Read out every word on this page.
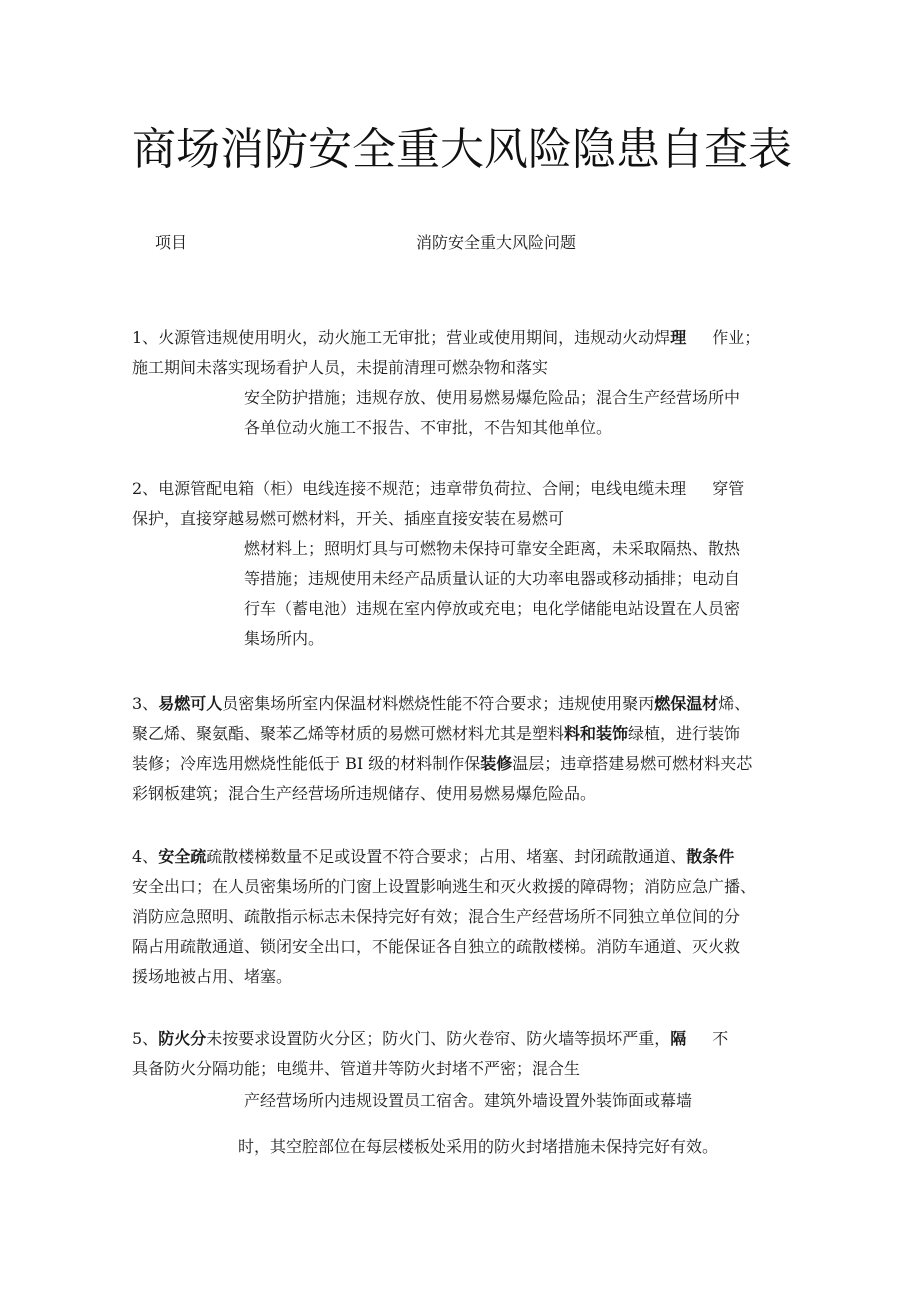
商场消防安全重大风险隐患自查表
项目	消防安全重大风险问题
1、火源管违规使用明火，动火施工无审批；营业或使用期间，违规动火动焊理 作业；
施工期间未落实现场看护人员，未提前清理可燃杂物和落实
安全防护措施；违规存放、使用易燃易爆危险品；混合生产经营场所中
各单位动火施工不报告、不审批，不告知其他单位。
2、电源管配电箱（柜）电线连接不规范；违章带负荷拉、合闸；电线电缆未理 穿管
保护，直接穿越易燃可燃材料，开关、插座直接安装在易燃可
燃材料上；照明灯具与可燃物未保持可靠安全距离，未采取隔热、散热
等措施；违规使用未经产品质量认证的大功率电器或移动插排；电动自
行车（蓄电池）违规在室内停放或充电；电化学储能电站设置在人员密
集场所内。
3、易燃可人员密集场所室内保温材料燃烧性能不符合要求；违规使用聚丙燃保温材烯、
聚乙烯、聚氨酯、聚苯乙烯等材质的易燃可燃材料尤其是塑料料和装饰绿植，进行装饰
装修；冷库选用燃烧性能低于 BI 级的材料制作保装修温层；违章搭建易燃可燃材料夹芯
彩钢板建筑；混合生产经营场所违规储存、使用易燃易爆危险品。
4、安全疏疏散楼梯数量不足或设置不符合要求；占用、堵塞、封闭疏散通道、散条件
安全出口；在人员密集场所的门窗上设置影响逃生和灭火救援的障碍物；消防应急广播、
消防应急照明、疏散指示标志未保持完好有效；混合生产经营场所不同独立单位间的分
隔占用疏散通道、锁闭安全出口，不能保证各自独立的疏散楼梯。消防车通道、灭火救
援场地被占用、堵塞。
5、防火分未按要求设置防火分区；防火门、防火卷帘、防火墙等损坏严重，隔 不
具备防火分隔功能；电缆井、管道井等防火封堵不严密；混合生
产经营场所内违规设置员工宿舍。建筑外墙设置外装饰面或幕墙
时，其空腔部位在每层楼板处采用的防火封堵措施未保持完好有效。
